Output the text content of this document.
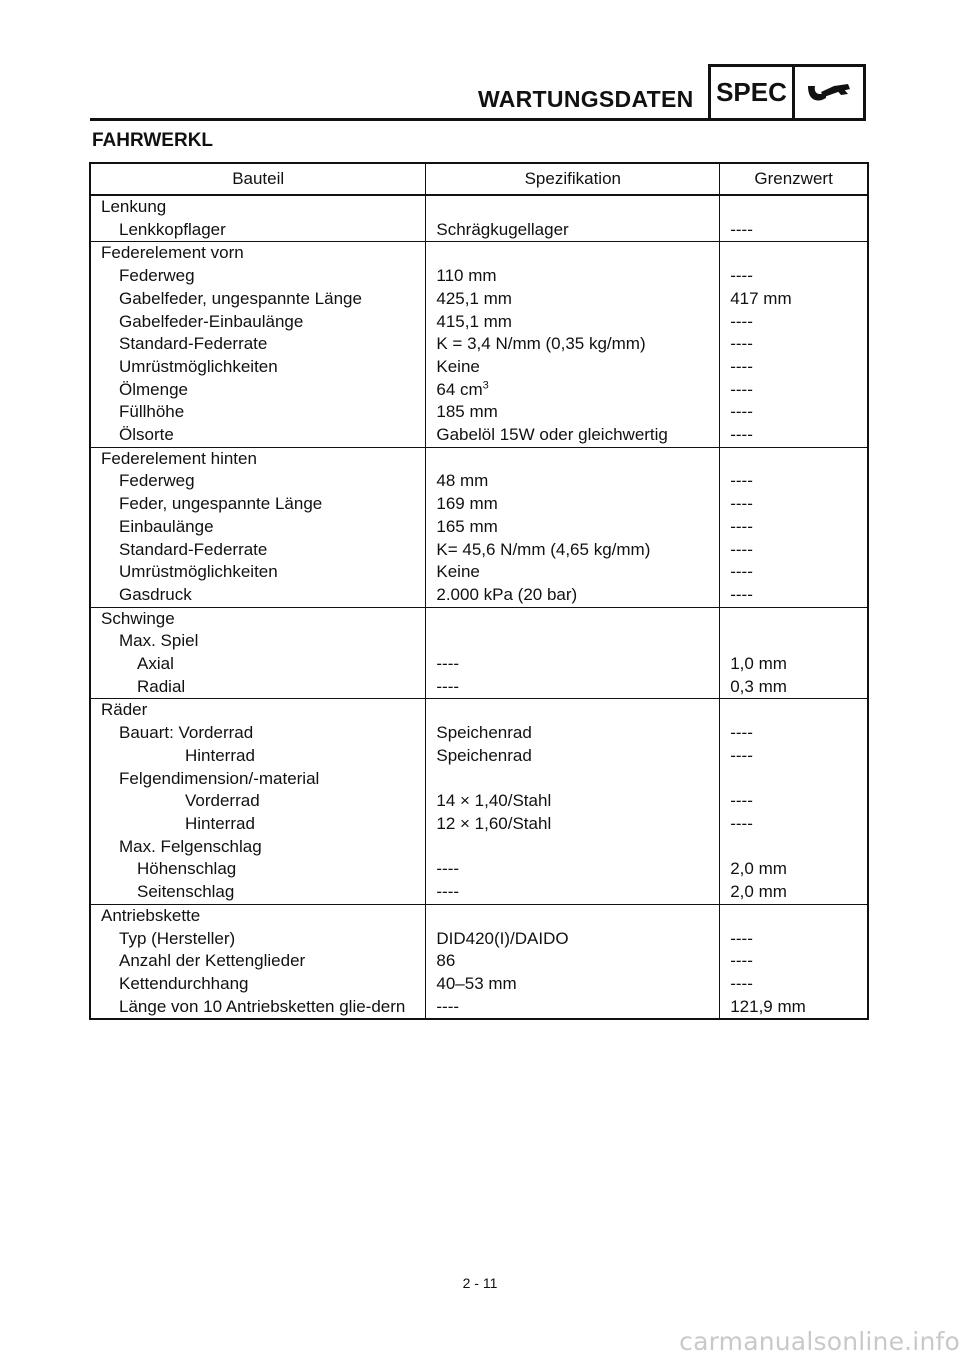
WARTUNGSDATEN SPEC
FAHRWERKL
Bauteil	Spezifikation	Grenzwert
Lenkung		
Lenkkopflager	Schrägkugellager	----
Federelement vorn		
Federweg	110 mm	----
Gabelfeder, ungespannte Länge	425,1 mm	417 mm
Gabelfeder-Einbaulänge	415,1 mm	----
Standard-Federrate	K = 3,4 N/mm (0,35 kg/mm)	----
Umrüstmöglichkeiten	Keine	----
Ölmenge	64 $cm^3$	----
Füllhöhe	185 mm	----
Ölsorte	Gabelöl 15W oder gleichwertig	----
Federelement hinten		
Federweg	48 mm	----
Feder, ungespannte Länge	169 mm	----
Einbaulänge	165 mm	----
Standard-Federrate	K= 45,6 N/mm (4,65 kg/mm)	----
Umrüstmöglichkeiten	Keine	----
Gasdruck	2.000 kPa (20 bar)	----
Schwinge		
Max. Spiel		
Axial	----	1,0 mm
Radial	----	0,3 mm
Räder		
Bauart: Vorderrad	Speichenrad	----
Hinterrad	Speichenrad	----
Felgendimension/-material		
Vorderrad	14 × 1,40/Stahl	----
Hinterrad	12 × 1,60/Stahl	----
Max. Felgenschlag		
Höhenschlag	----	2,0 mm
Seitenschlag	----	2,0 mm
Antriebskette		
Typ (Hersteller)	DID420(I)/DAIDO	----
Anzahl der Kettenglieder	86	----
Kettendurchhang	40–53 mm	----
Länge von 10 Antriebsketten glie-dern	----	121,9 mm
2 - 11
carmanualsonline.info
